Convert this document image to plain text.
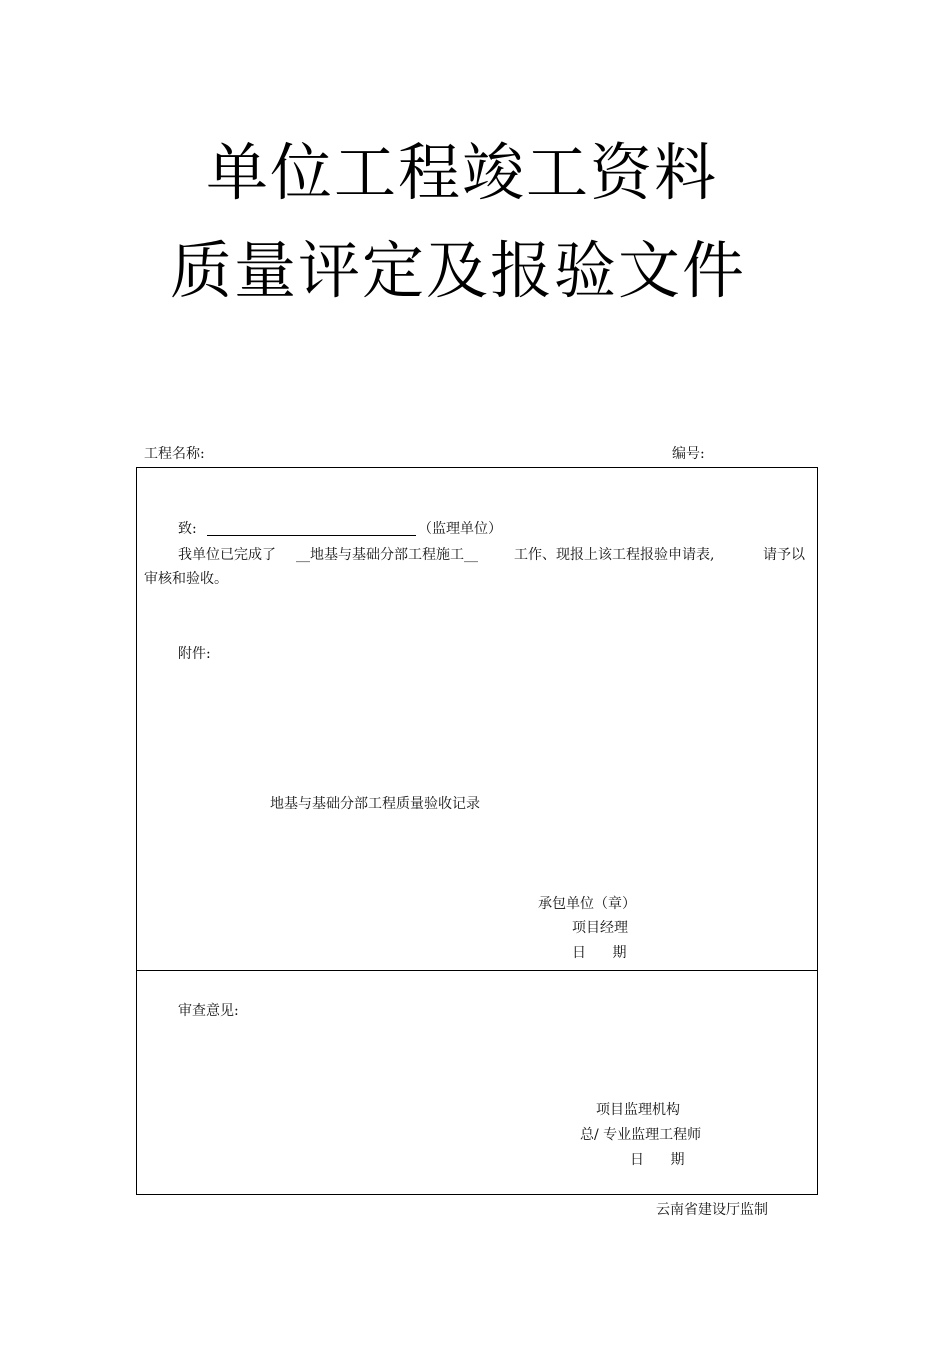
单位工程竣工资料
质量评定及报验文件
工程名称:	编号:
致:	（监理单位）
我单位已完成了 __地基与基础分部工程施工__	工作、现报上该工程报验申请表,	请予以
审核和验收。
附件:
地基与基础分部工程质量验收记录
承包单位（章）
项目经理
日 期
审查意见:
项目监理机构
总/ 专业监理工程师
日 期
云南省建设厅监制
